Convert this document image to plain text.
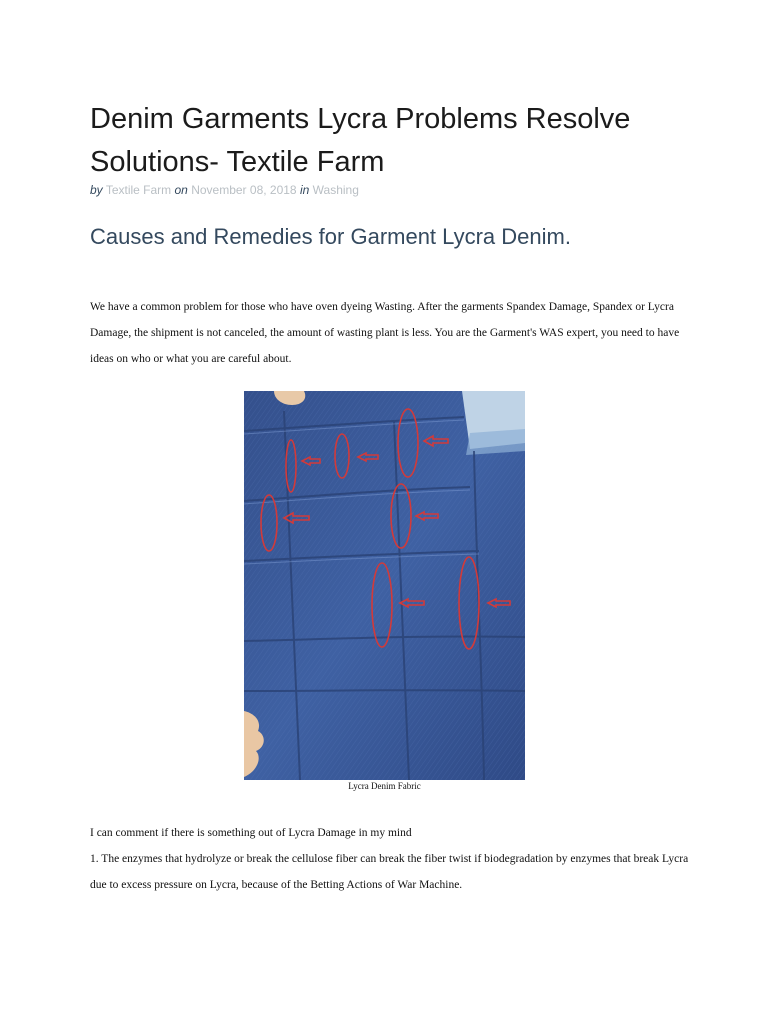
Denim Garments Lycra Problems Resolve Solutions- Textile Farm
by Textile Farm on November 08, 2018 in Washing
Causes and Remedies for Garment Lycra Denim.

We have a common problem for those who have oven dyeing Wasting. After the garments Spandex Damage, Spandex or Lycra Damage, the shipment is not canceled, the amount of wasting plant is less. You are the Garment's WAS expert, you need to have ideas on who or what you are careful about.

Lycra Denim Fabric
I can comment if there is something out of Lycra Damage in my mind
1. The enzymes that hydrolyze or break the cellulose fiber can break the fiber twist if biodegradation by enzymes that break Lycra due to excess pressure on Lycra, because of the Betting Actions of War Machine.
